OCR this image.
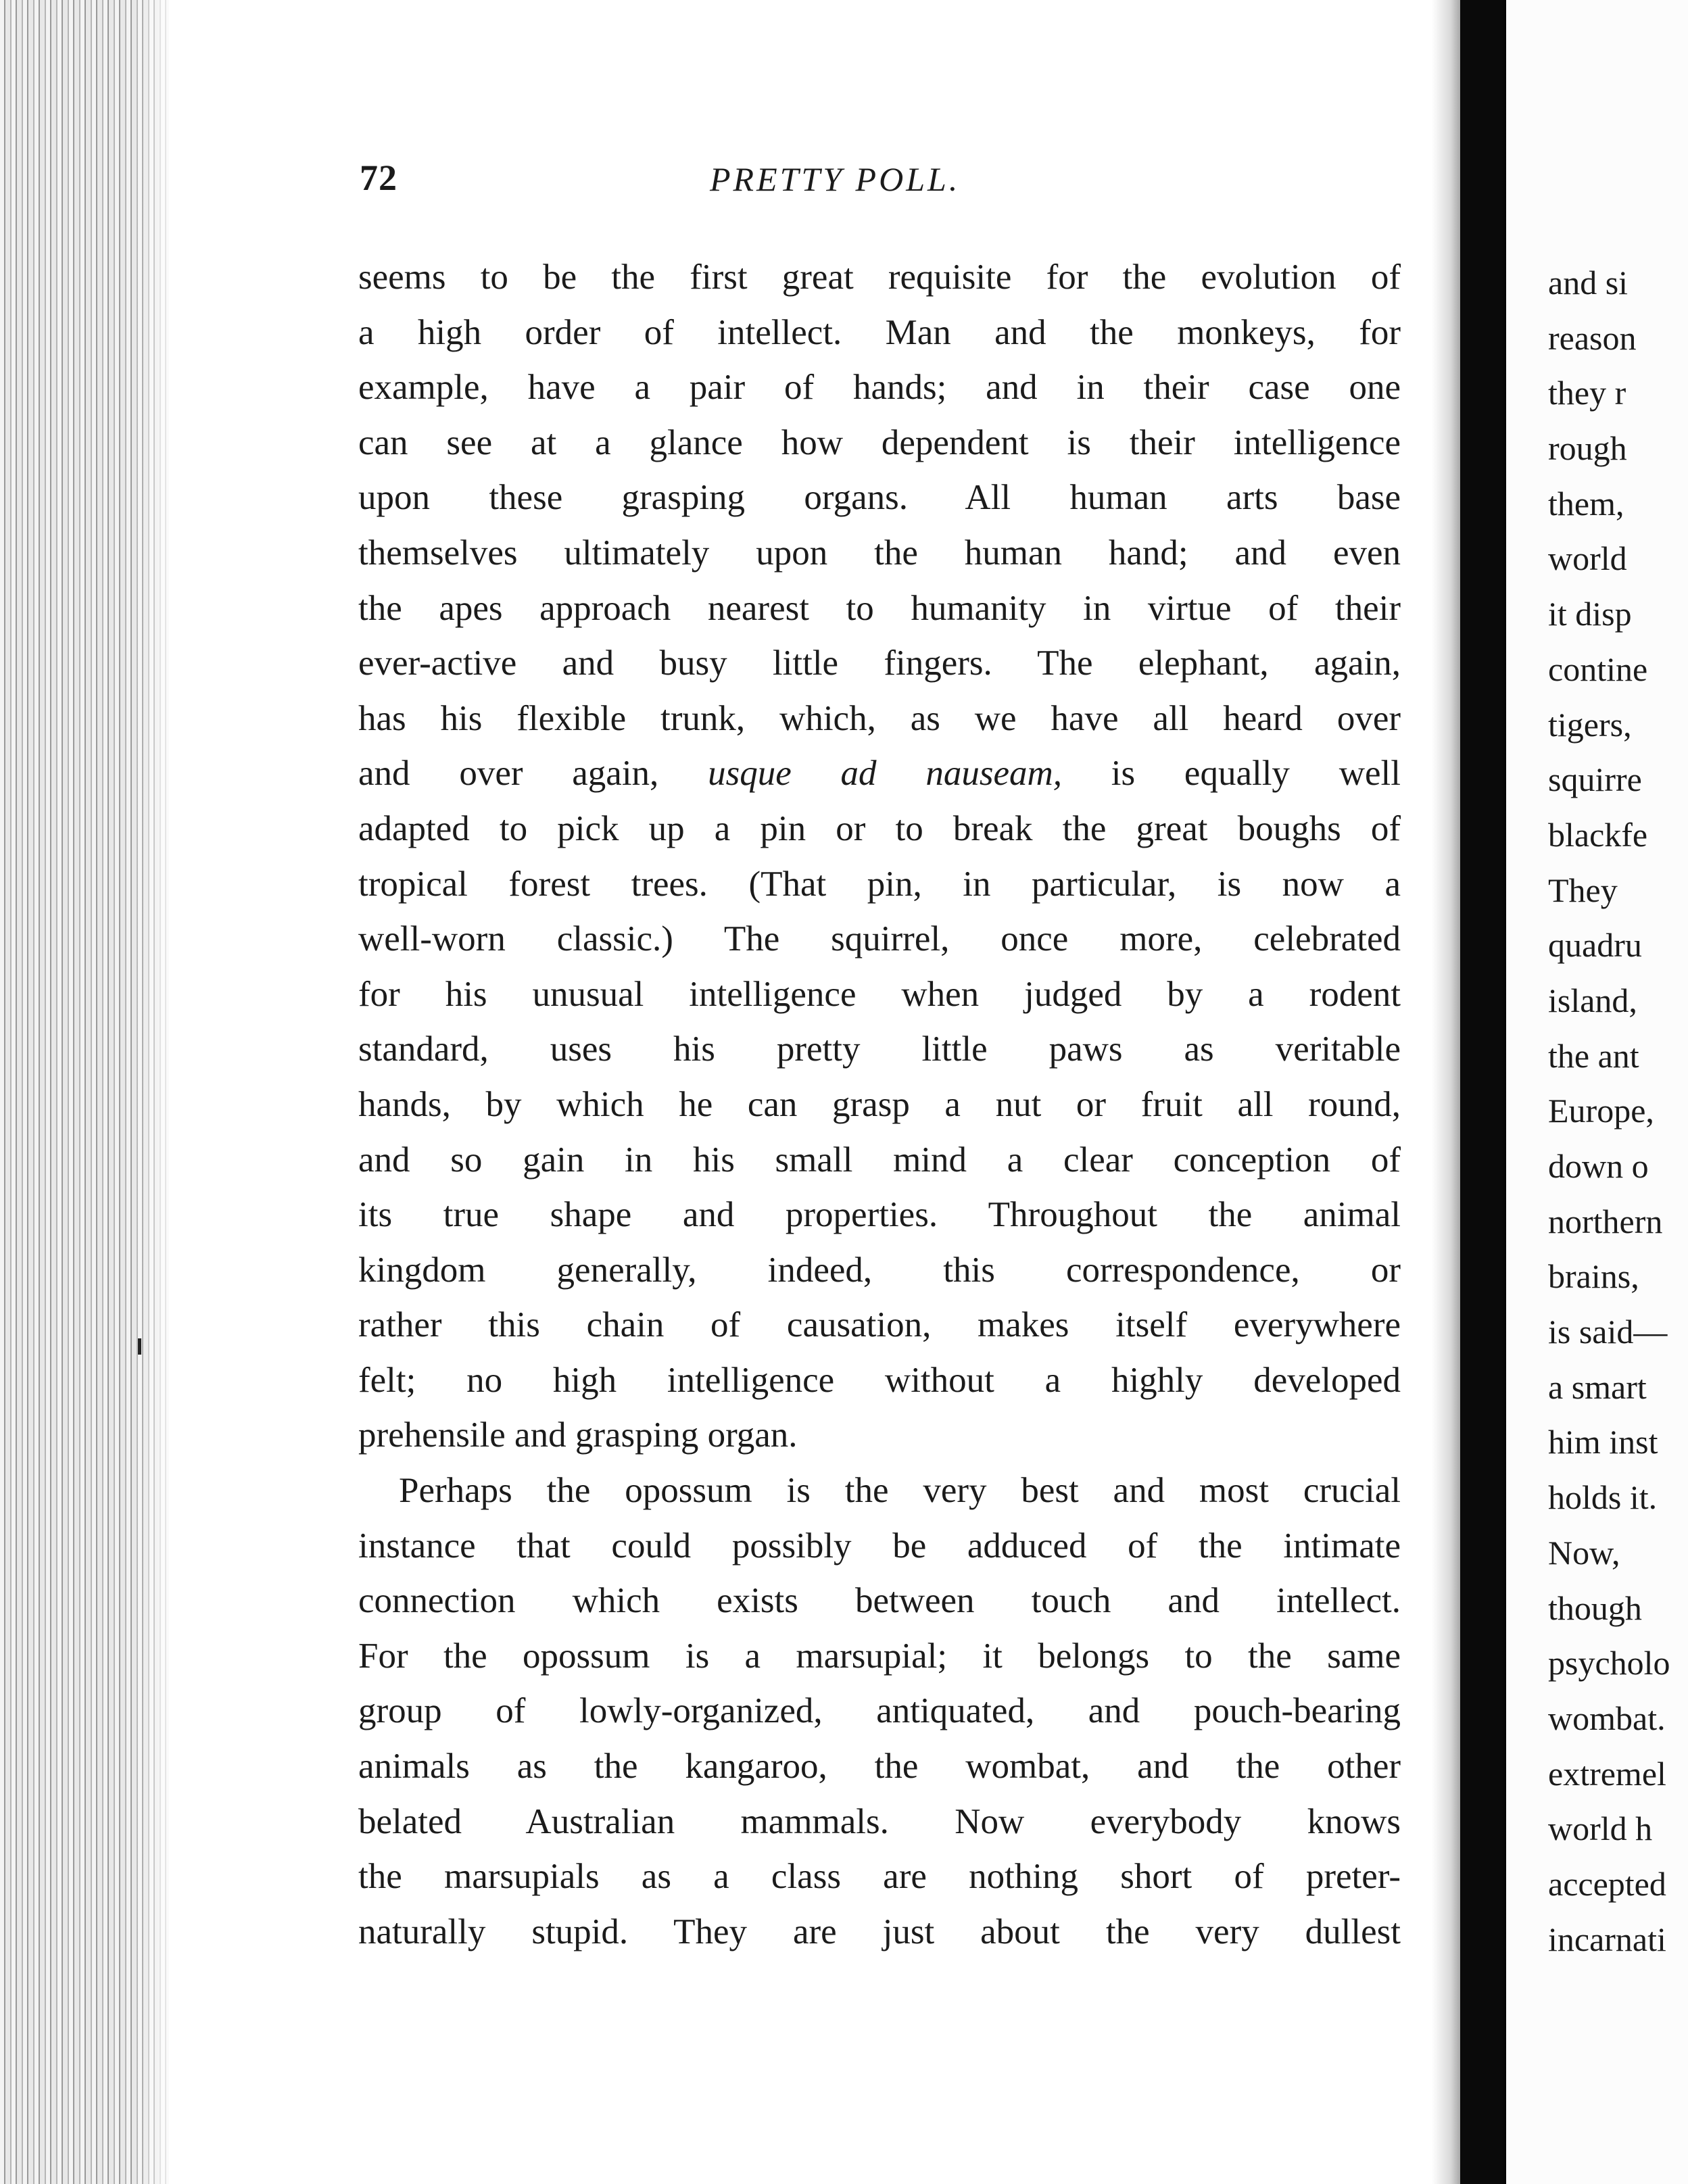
72	PRETTY POLL.
seems to be the first great requisite for the evolution of
a high order of intellect. Man and the monkeys, for
example, have a pair of hands; and in their case one
can see at a glance how dependent is their intelligence
upon these grasping organs. All human arts base
themselves ultimately upon the human hand; and even
the apes approach nearest to humanity in virtue of their
ever-active and busy little fingers. The elephant, again,
has his flexible trunk, which, as we have all heard over
and over again, usque ad nauseam, is equally well
adapted to pick up a pin or to break the great boughs of
tropical forest trees. (That pin, in particular, is now a
well-worn classic.) The squirrel, once more, celebrated
for his unusual intelligence when judged by a rodent
standard, uses his pretty little paws as veritable
hands, by which he can grasp a nut or fruit all round,
and so gain in his small mind a clear conception of
its true shape and properties. Throughout the animal
kingdom generally, indeed, this correspondence, or
rather this chain of causation, makes itself everywhere
felt; no high intelligence without a highly developed
prehensile and grasping organ.
Perhaps the opossum is the very best and most crucial
instance that could possibly be adduced of the intimate
connection which exists between touch and intellect.
For the opossum is a marsupial; it belongs to the same
group of lowly-organized, antiquated, and pouch-bearing
animals as the kangaroo, the wombat, and the other
belated Australian mammals. Now everybody knows
the marsupials as a class are nothing short of preter-
naturally stupid. They are just about the very dullest
and si
reason
they r
rough
them,
world
it disp
contine
tigers,
squirre
blackfe
They
quadru
island,
the ant
Europe,
down o
northern
brains,
is said—
a smart
him inst
holds it.
Now,
though
psycholo
wombat.
extremel
world h
accepted
incarnati
